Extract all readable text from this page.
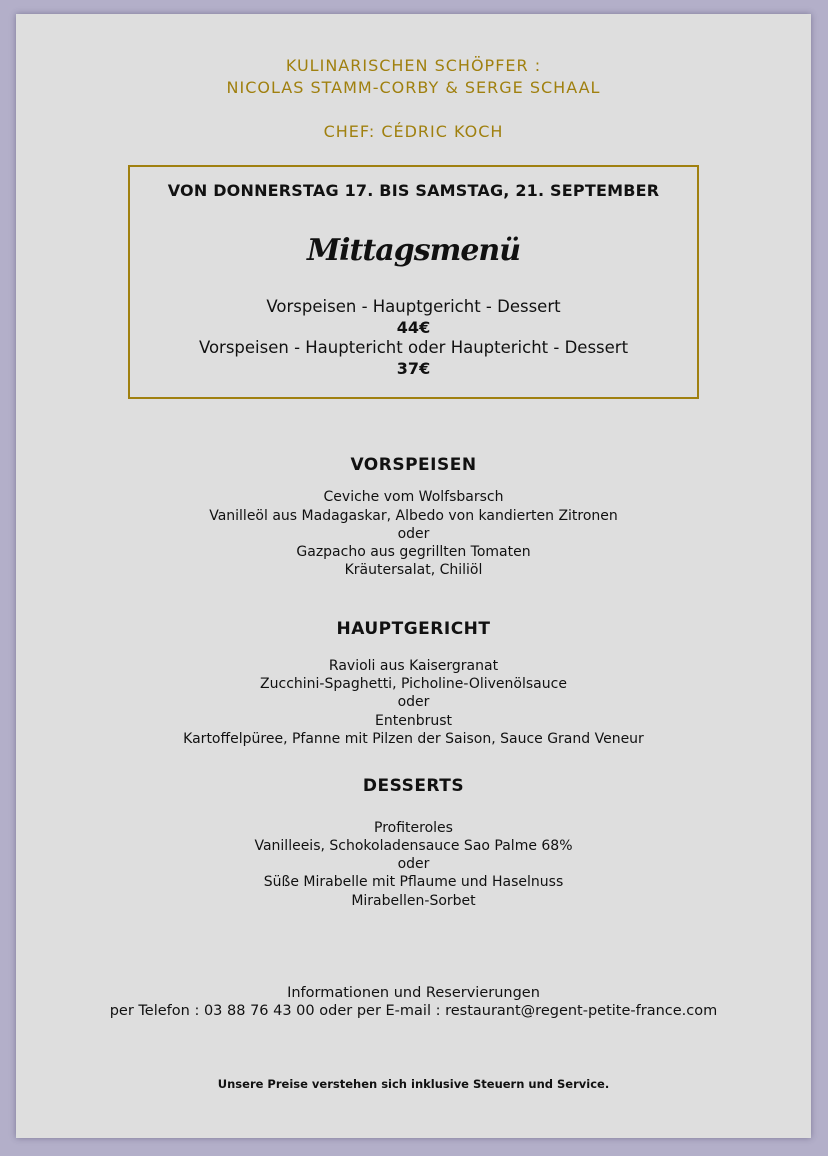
KULINARISCHEN SCHÖPFER :
NICOLAS STAMM-CORBY & SERGE SCHAAL
CHEF: CÉDRIC KOCH
VON DONNERSTAG 17. BIS SAMSTAG, 21. SEPTEMBER
Mittagsmenü
Vorspeisen - Hauptgericht - Dessert
44€
Vorspeisen - Hauptericht oder Hauptericht - Dessert
37€
VORSPEISEN
Ceviche vom Wolfsbarsch
Vanilleöl aus Madagaskar, Albedo von kandierten Zitronen
oder
Gazpacho aus gegrillten Tomaten
Kräutersalat, Chiliöl
HAUPTGERICHT
Ravioli aus Kaisergranat
Zucchini-Spaghetti, Picholine-Olivenölsauce
oder
Entenbrust
Kartoffelpüree, Pfanne mit Pilzen der Saison, Sauce Grand Veneur
DESSERTS
Profiteroles
Vanilleeis, Schokoladensauce Sao Palme 68%
oder
Süße Mirabelle mit Pflaume und Haselnuss
Mirabellen-Sorbet
Informationen und Reservierungen
per Telefon : 03 88 76 43 00 oder per E-mail : restaurant@regent-petite-france.com
Unsere Preise verstehen sich inklusive Steuern und Service.
